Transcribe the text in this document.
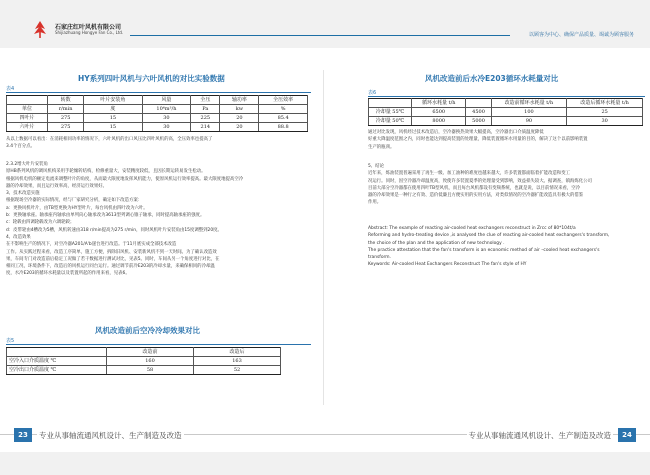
石家庄红叶风机有限公司
Shijiazhuang Hongye Fan Co., Ltd.	以顾客为中心、确保产品质量、竭诚为顾客服务
HY系列四叶风机与六叶风机的对比实验数据
表4
	转数	叶片安装角	风量	全压	轴功率	全压效率
单位	r/min	度	10⁴m³/h	Pa	kw	%
四叶片	275	15	30	225	20	85.4
六叶片	275	15	30	214	20	88.8

从以上数据可以看出：在消耗相同功率的情况下，六叶风机的出口风压比四叶风机的高，全压效率也提高了

3.4个百分点。

2.3.2增大叶片安装角

原HB系列风机的调风机构采用手轮倾转结构，检修重量大，安装精度较低，且因长期运转易发生松动。

根据风机电机的额定电流来调整叶片的角度，从而最大限度地发挥风机能力，使原风机运行效率提高。最大限度地提高空冷

器的冷却效果，而且运行效率高，经济运行效果好。

3、技术改造实施

根据现场空冷器的实际情况，经与厂家研究分析，确定如下改造方案：

a：更换风机叶片，由TB型更换为HY型叶片，每台风机由四叶改为六叶。

b：更换轴承座。轴承座内轴承由单列向心轴承改为3613型列调心锥子轴承，同时提高轴承座的强度。

c：轮毂由四调轮毂改为六调轮毂；

d：皮带轮由4槽改为5槽，风机转速由318 r/min提高为275 r/min，同时风机叶片安装角由15度调整到20度。

4、改造效果

在不影响生产的情况下，对空冷器A201/A'b递台进行改造。于11月底实成全部技术改造

工作。从实践过程来看，改造工序简单，施工方便，拆除旧风机、安装新风机不到一天时间。为了确认改造效

果，车间专门对改造前后稳定工况做了若干数据进行测试对比，见表5。同时，车间从另一个角度进行对比，在

相同工况，环境条件下，改造后的风机运行同台运行。通过调节前冷E203的冷却水量，来确保相同的冷却温

度，水冷E203的循环水耗量以及装置所起的作用来看，见表6。

风机改造前后空冷冷却效果对比
表5
	改造前	改造后
空冷入口介质温度 ℃	160	163
空冷出口介质温度 ℃	58	52
风机改造前后水冷E203循环水耗量对比
表6
	循环水耗量 t/h		改造前循环水耗量 t/h	改造后循环水耗量 t/h
冷却量 55℃	6500	4500	100	25
冷却量 50℃	8000	5000	90	30

通过对比发现，风机经过技术改造后，空冷器换热效果大幅提高，空冷器出口介质温度降低

好重大降温度范围之内，同时也能达到提高装置的处理量，降低装置循环水用量的目的，解决了这个以前影响装置

生产的瓶颈。

5、结论

近年来，炼油装置普遍采用了再生一级、加工油种的难度也越来越大，许多装置都面临着扩能改造和变工

况运行。同时，因空冷器冷却温度高，致使许多装置夏季的处理量受到影响，效益损失较大。据调查，镇海炼化公司

目前大部分空冷器都在使用四叶TB型风机，而且每台风机都设有变频系统，也就是说，以目前情况来看，空冷

器的冷却效果是一种行之有效、造价低廉且方便实用的实用方法，对类似情况的空冷器扩能改造具有极大的借鉴

作用。

Abstract: The example of reacting air-cooled heat exchangers reconstruct in Zrcc of 80*104t/a

Reforming and hydro-treating device ,is analysed the clue of reacting air-cooled heat exchangers's transform,

the choice of the plan and the application of new technology .

The practice attestation that the fan's transform is an economic method of air –cooled heat exchangers's

transform.

Keywords: Air-cooled Heat Exchangers Reconstruct The fan's style of HY

23	专业从事轴流通风机设计、生产制造及改造	专业从事轴流通风机设计、生产制造及改造	24
